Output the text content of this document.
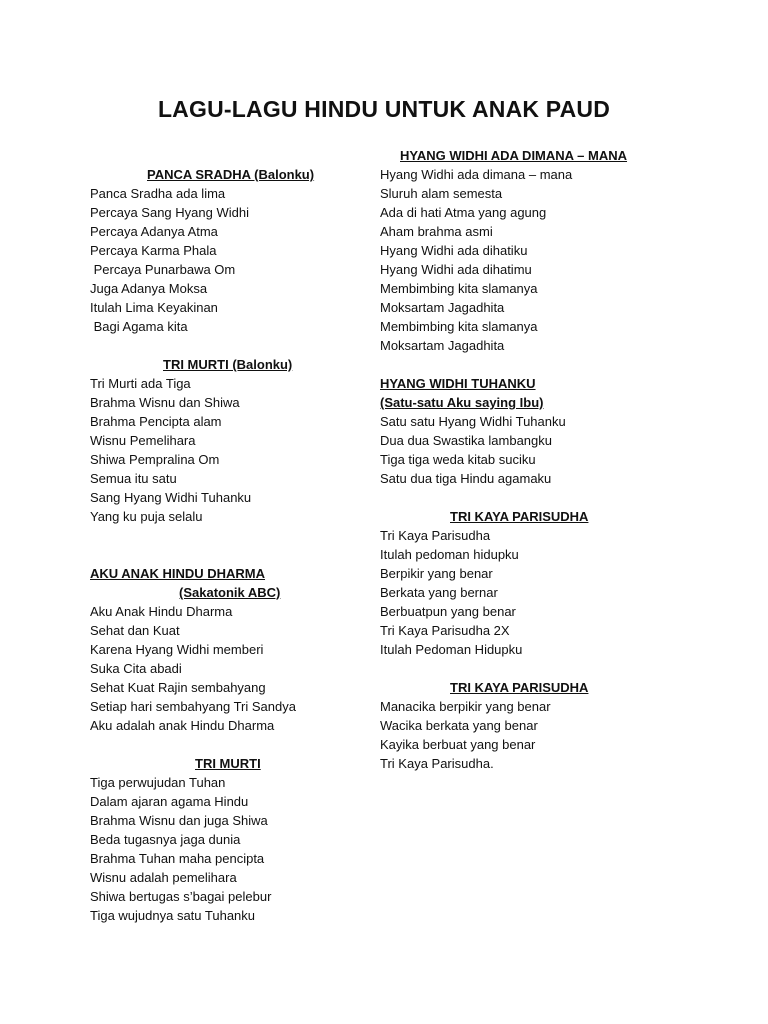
LAGU-LAGU HINDU UNTUK ANAK PAUD
PANCA SRADHA (Balonku)
Panca Sradha ada lima
Percaya Sang Hyang Widhi
Percaya Adanya Atma
Percaya Karma Phala
Percaya Punarbawa Om
Juga Adanya Moksa
Itulah Lima Keyakinan
Bagi Agama kita
TRI MURTI (Balonku)
Tri Murti ada Tiga
Brahma Wisnu dan Shiwa
Brahma Pencipta alam
Wisnu Pemelihara
Shiwa Pempralina Om
Semua itu satu
Sang Hyang Widhi Tuhanku
Yang ku puja selalu
AKU ANAK HINDU DHARMA
(Sakatonik ABC)
Aku Anak Hindu Dharma
Sehat dan Kuat
Karena Hyang Widhi memberi
Suka Cita abadi
Sehat Kuat Rajin sembahyang
Setiap hari sembahyang Tri Sandya
Aku adalah anak Hindu Dharma
TRI MURTI
Tiga perwujudan Tuhan
Dalam ajaran agama Hindu
Brahma Wisnu dan juga Shiwa
Beda tugasnya jaga dunia
Brahma Tuhan maha pencipta
Wisnu adalah pemelihara
Shiwa bertugas s’bagai pelebur
Tiga wujudnya satu Tuhanku
HYANG WIDHI ADA DIMANA – MANA
Hyang Widhi ada dimana – mana
Sluruh alam semesta
Ada di hati Atma yang agung
Aham brahma asmi
Hyang Widhi ada dihatiku
Hyang Widhi ada dihatimu
Membimbing kita slamanya
Moksartam Jagadhita
Membimbing kita slamanya
Moksartam Jagadhita
HYANG WIDHI TUHANKU
(Satu-satu Aku saying Ibu)
Satu satu Hyang Widhi Tuhanku
Dua dua Swastika lambangku
Tiga tiga weda kitab suciku
Satu dua tiga Hindu agamaku
TRI KAYA PARISUDHA
Tri Kaya Parisudha
Itulah pedoman hidupku
Berpikir yang benar
Berkata yang bernar
Berbuatpun yang benar
Tri Kaya Parisudha 2X
Itulah Pedoman Hidupku
TRI KAYA PARISUDHA
Manacika berpikir yang benar
Wacika berkata yang benar
Kayika berbuat yang benar
Tri Kaya Parisudha.
